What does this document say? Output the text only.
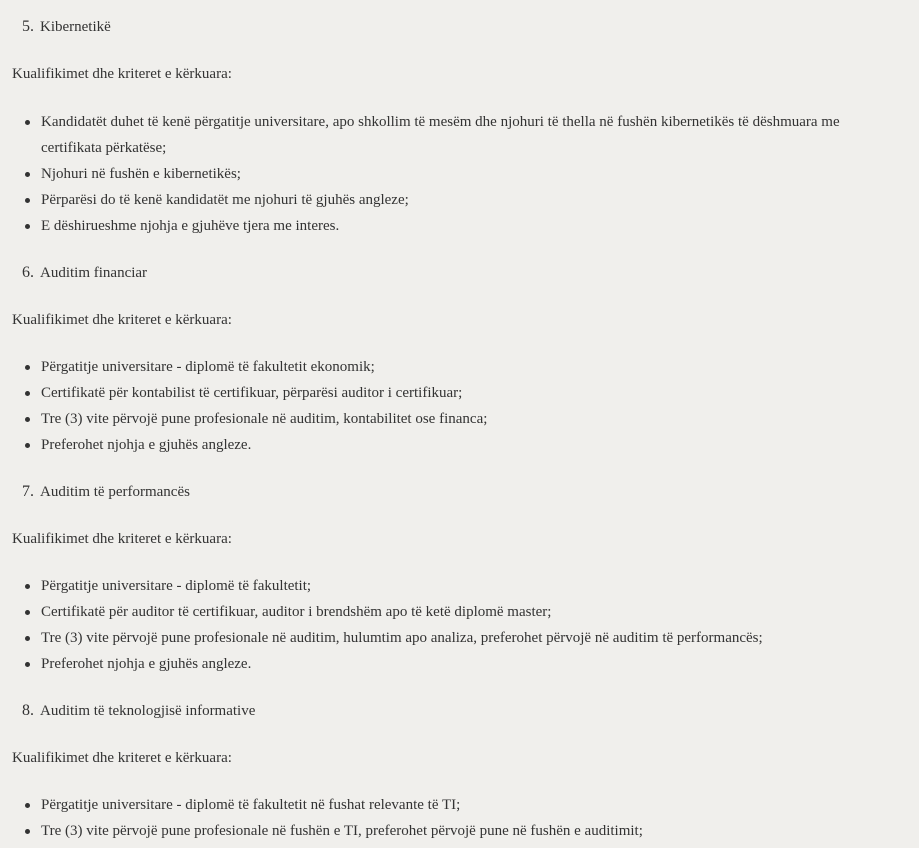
5. Kibernetikë
Kualifikimet dhe kriteret e kërkuara:
Kandidatët duhet të kenë përgatitje universitare, apo shkollim të mesëm dhe njohuri të thella në fushën kibernetikës të dëshmuara me certifikata përkatëse;
Njohuri në fushën e kibernetikës;
Përparësi do të kenë kandidatët me njohuri të gjuhës angleze;
E dëshirueshme njohja e gjuhëve tjera me interes.
6. Auditim financiar
Kualifikimet dhe kriteret e kërkuara:
Përgatitje universitare - diplomë të fakultetit ekonomik;
Certifikatë për kontabilist të certifikuar, përparësi auditor i certifikuar;
Tre (3) vite përvojë pune profesionale në auditim, kontabilitet ose financa;
Preferohet njohja e gjuhës angleze.
7. Auditim të performancës
Kualifikimet dhe kriteret e kërkuara:
Përgatitje universitare - diplomë të fakultetit;
Certifikatë për auditor të certifikuar, auditor i brendshëm apo të ketë diplomë master;
Tre (3) vite përvojë pune profesionale në auditim, hulumtim apo analiza, preferohet përvojë në auditim të performancës;
Preferohet njohja e gjuhës angleze.
8. Auditim të teknologjisë informative
Kualifikimet dhe kriteret e kërkuara:
Përgatitje universitare - diplomë të fakultetit në fushat relevante të TI;
Tre (3) vite përvojë pune profesionale në fushën e TI, preferohet përvojë pune në fushën e auditimit;
